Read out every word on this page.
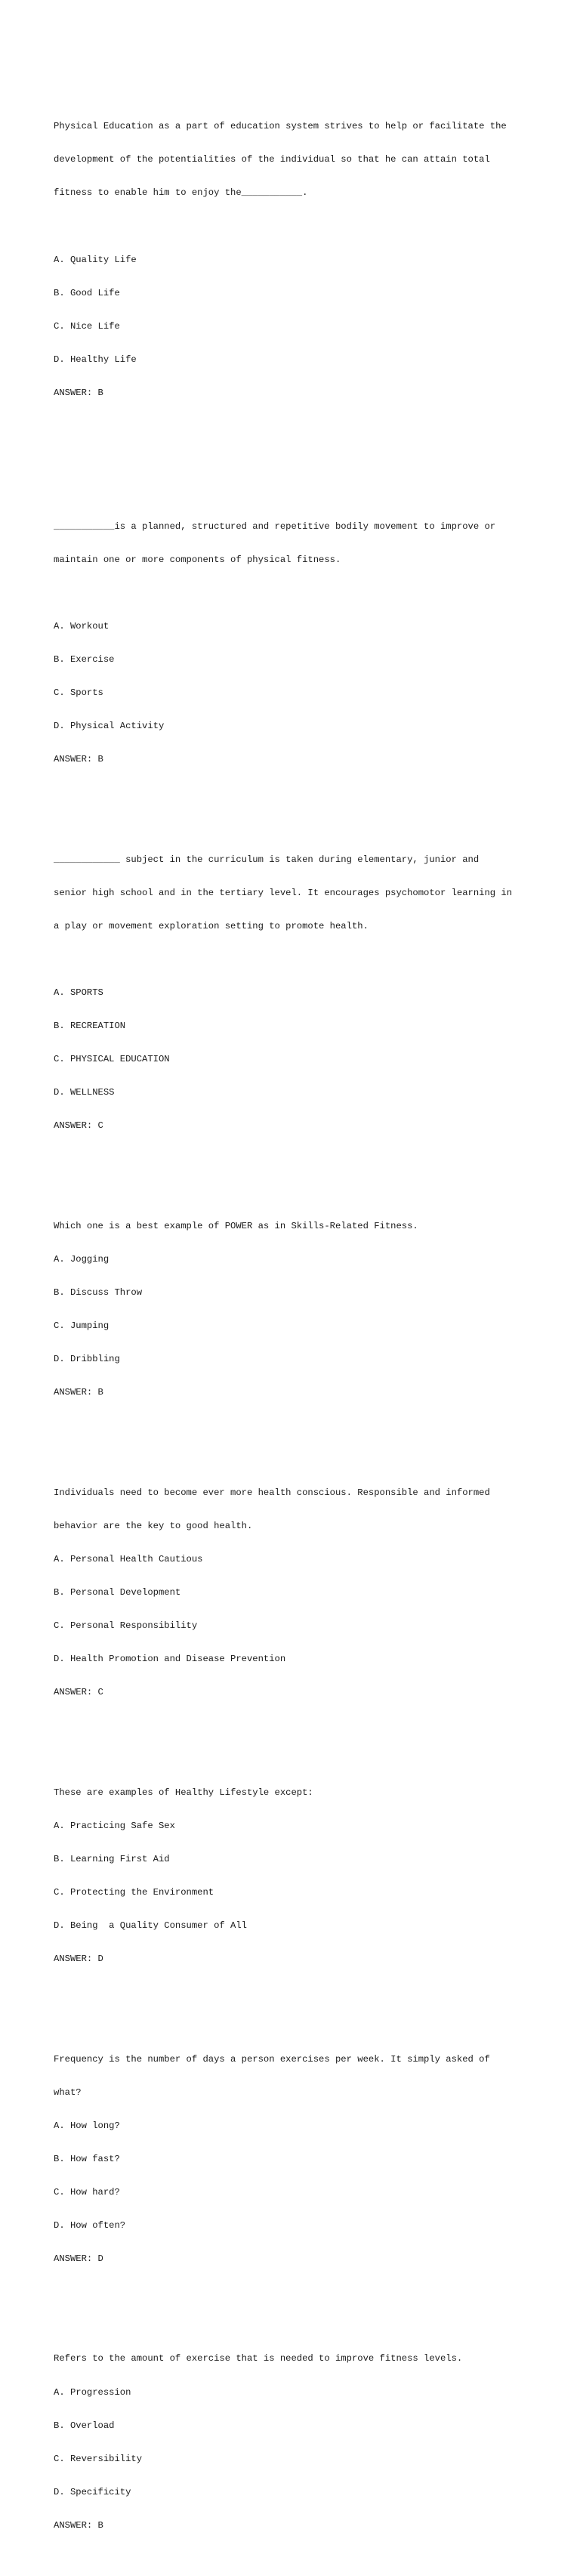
Physical Education as a part of education system strives to help or facilitate the

development of the potentialities of the individual so that he can attain total

fitness to enable him to enjoy the___________.

A. Quality Life

B. Good Life

C. Nice Life

D. Healthy Life

ANSWER: B

___________is a planned, structured and repetitive bodily movement to improve or

maintain one or more components of physical fitness.

A. Workout

B. Exercise

C. Sports

D. Physical Activity

ANSWER: B

____________ subject in the curriculum is taken during elementary, junior and

senior high school and in the tertiary level. It encourages psychomotor learning in

a play or movement exploration setting to promote health.

A. SPORTS

B. RECREATION

C. PHYSICAL EDUCATION

D. WELLNESS

ANSWER: C

Which one is a best example of POWER as in Skills-Related Fitness.

A. Jogging

B. Discuss Throw

C. Jumping

D. Dribbling

ANSWER: B

Individuals need to become ever more health conscious. Responsible and informed

behavior are the key to good health.

A. Personal Health Cautious

B. Personal Development

C. Personal Responsibility

D. Health Promotion and Disease Prevention

ANSWER: C

These are examples of Healthy Lifestyle except:

A. Practicing Safe Sex

B. Learning First Aid

C. Protecting the Environment

D. Being  a Quality Consumer of All

ANSWER: D

Frequency is the number of days a person exercises per week. It simply asked of

what?

A. How long?

B. How fast?

C. How hard?

D. How often?

ANSWER: D

Refers to the amount of exercise that is needed to improve fitness levels.

A. Progression

B. Overload

C. Reversibility

D. Specificity

ANSWER: B
